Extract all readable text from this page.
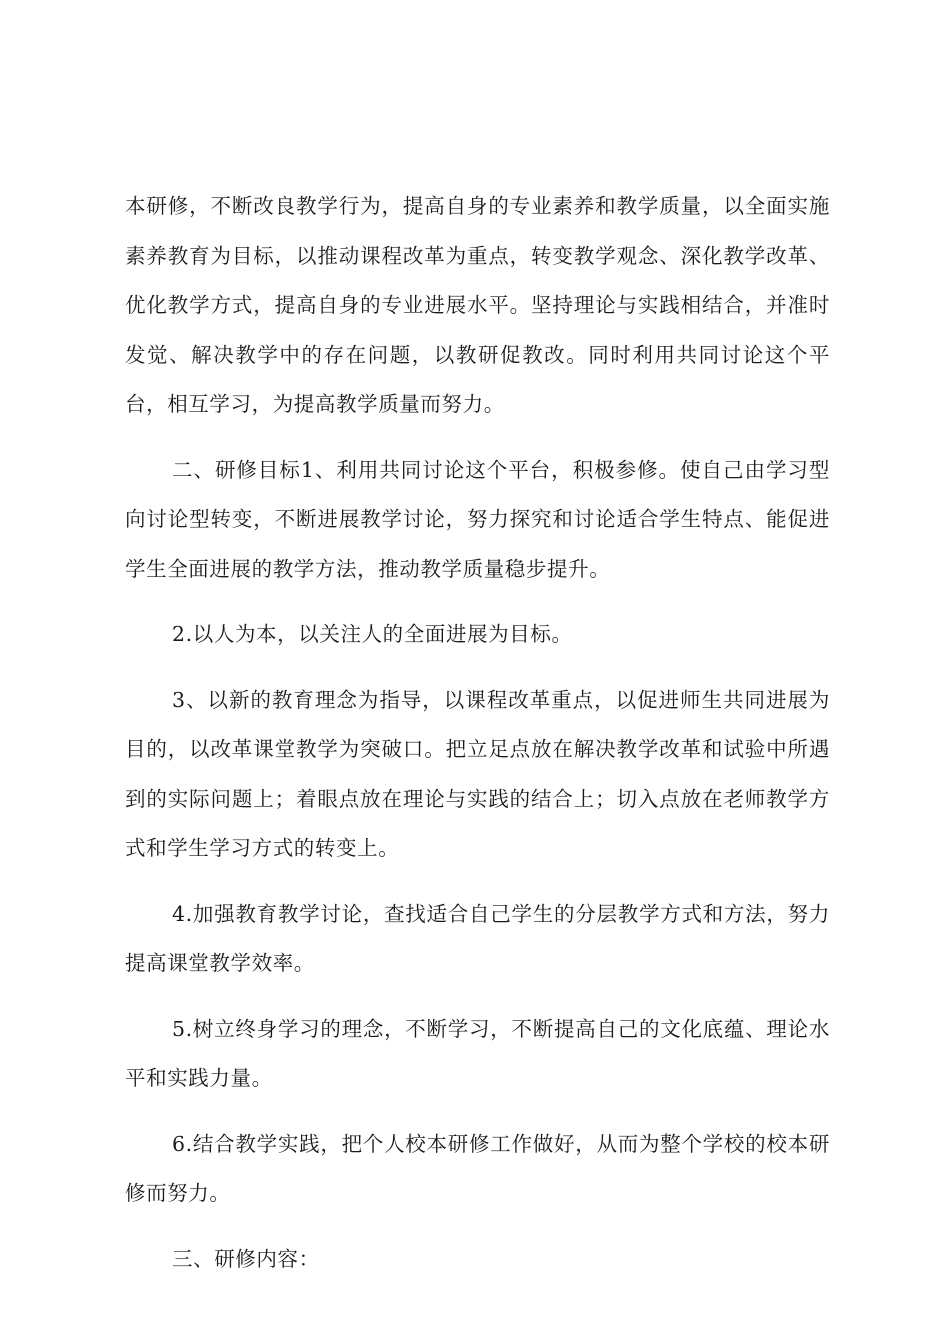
本研修，不断改良教学行为，提高自身的专业素养和教学质量，以全面实施素养教育为目标，以推动课程改革为重点，转变教学观念、深化教学改革、优化教学方式，提高自身的专业进展水平。坚持理论与实践相结合，并准时发觉、解决教学中的存在问题，以教研促教改。同时利用共同讨论这个平台，相互学习，为提高教学质量而努力。

二、研修目标1、利用共同讨论这个平台，积极参修。使自己由学习型向讨论型转变，不断进展教学讨论，努力探究和讨论适合学生特点、能促进学生全面进展的教学方法，推动教学质量稳步提升。

2.以人为本，以关注人的全面进展为目标。

3、以新的教育理念为指导，以课程改革重点，以促进师生共同进展为目的，以改革课堂教学为突破口。把立足点放在解决教学改革和试验中所遇到的实际问题上；着眼点放在理论与实践的结合上；切入点放在老师教学方式和学生学习方式的转变上。

4.加强教育教学讨论，查找适合自己学生的分层教学方式和方法，努力提高课堂教学效率。

5.树立终身学习的理念，不断学习，不断提高自己的文化底蕴、理论水平和实践力量。

6.结合教学实践，把个人校本研修工作做好，从而为整个学校的校本研修而努力。

三、研修内容：
